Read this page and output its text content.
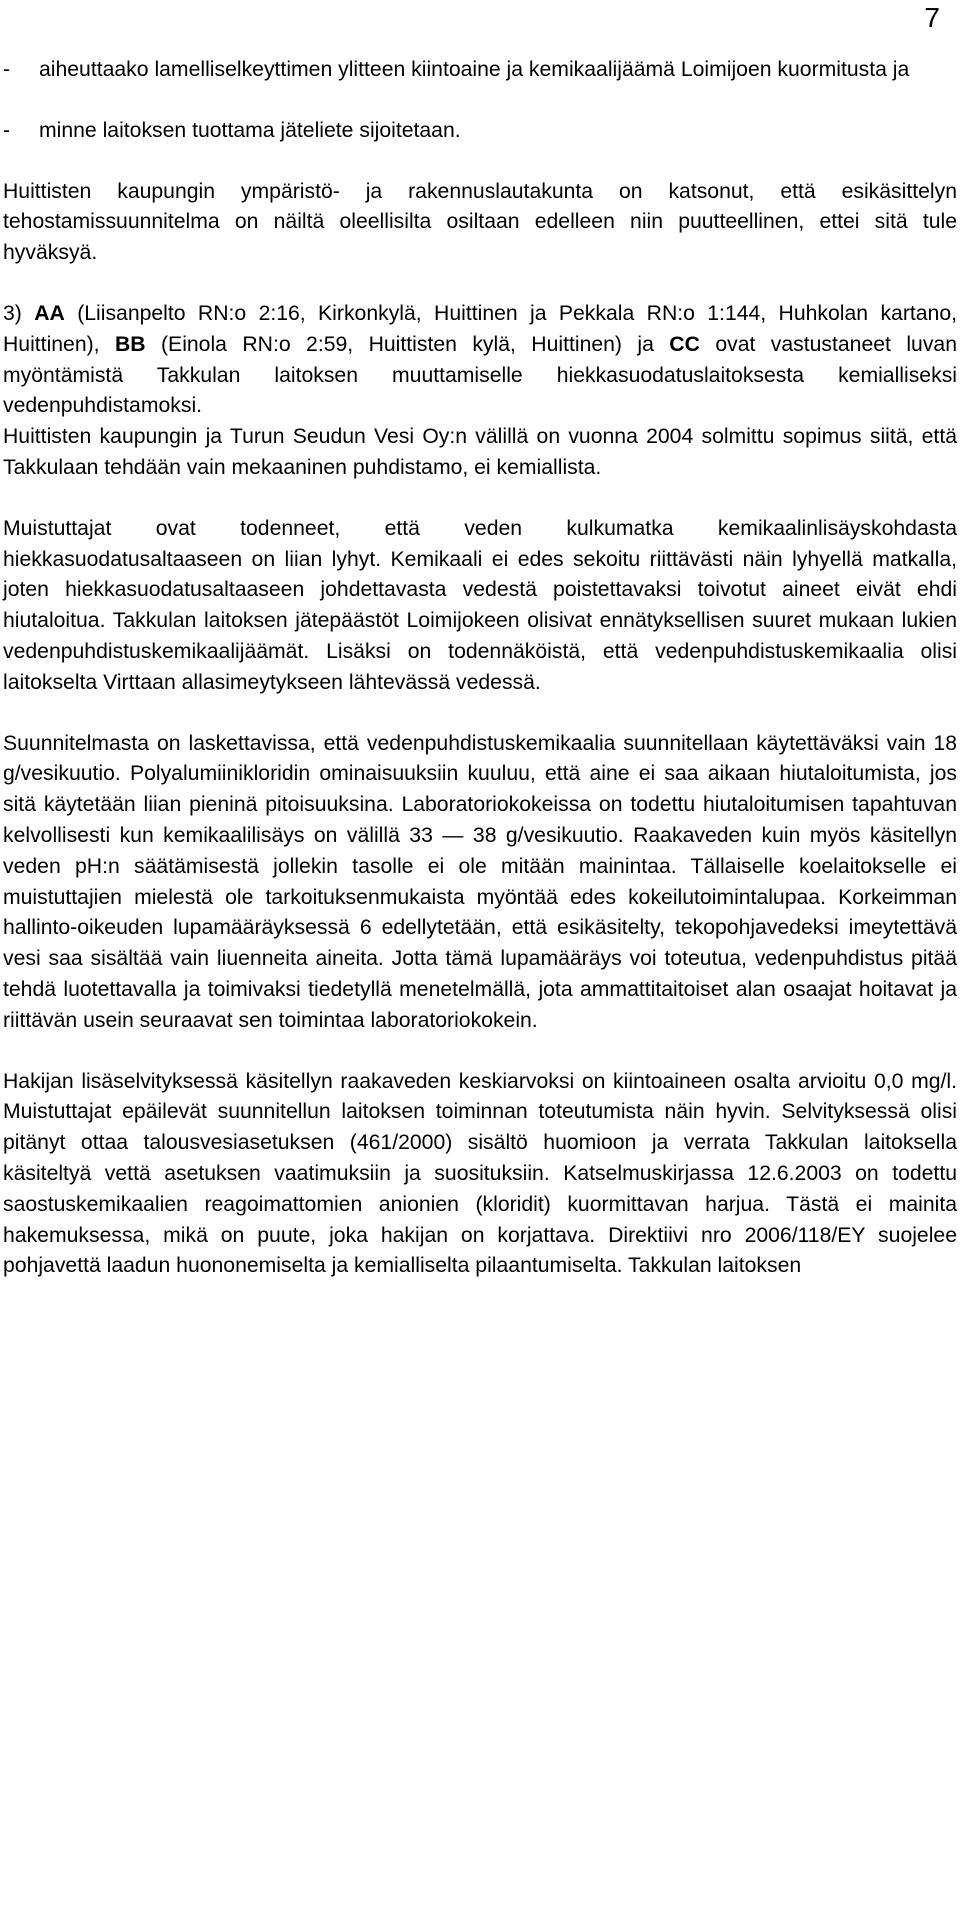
7
-	aiheuttaako lamelliselkeyttimen ylitteen kiintoaine ja kemikaalijäämä Loimijoen kuormitusta ja
-	minne laitoksen tuottama jäteliete sijoitetaan.

Huittisten kaupungin ympäristö- ja rakennuslautakunta on katsonut, että esikäsittelyn tehostamissuunnitelma on näiltä oleellisilta osiltaan edelleen niin puutteellinen, ettei sitä tule hyväksyä.

3) AA (Liisanpelto RN:o 2:16, Kirkonkylä, Huittinen ja Pekkala RN:o 1:144, Huhkolan kartano, Huittinen), BB (Einola RN:o 2:59, Huittisten kylä, Huittinen) ja CC ovat vastustaneet luvan myöntämistä Takkulan laitoksen muuttamiselle hiekkasuodatuslaitoksesta kemialliseksi vedenpuhdistamoksi.

Huittisten kaupungin ja Turun Seudun Vesi Oy:n välillä on vuonna 2004 solmittu sopimus siitä, että Takkulaan tehdään vain mekaaninen puhdistamo, ei kemiallista.

Muistuttajat ovat todenneet, että veden kulkumatka kemikaalinlisäyskohdasta hiekkasuodatusaltaaseen on liian lyhyt. Kemikaali ei edes sekoitu riittävästi näin lyhyellä matkalla, joten hiekkasuodatusaltaaseen johdettavasta vedestä poistettavaksi toivotut aineet eivät ehdi hiutaloitua. Takkulan laitoksen jätepäästöt Loimijokeen olisivat ennätyksellisen suuret mukaan lukien vedenpuhdistuskemikaalijäämät. Lisäksi on todennäköistä, että vedenpuhdistuskemikaalia olisi laitokselta Virttaan allasimeytykseen lähtevässä vedessä.

Suunnitelmasta on laskettavissa, että vedenpuhdistuskemikaalia suunnitellaan käytettäväksi vain 18 g/vesikuutio. Polyalumiinikloridin ominaisuuksiin kuuluu, että aine ei saa aikaan hiutaloitumista, jos sitä käytetään liian pieninä pitoisuuksina. Laboratoriokokeissa on todettu hiutaloitumisen tapahtuvan kelvollisesti kun kemikaalilisäys on välillä 33 — 38 g/vesikuutio. Raakaveden kuin myös käsitellyn veden pH:n säätämisestä jollekin tasolle ei ole mitään mainintaa. Tällaiselle koelaitokselle ei muistuttajien mielestä ole tarkoituksenmukaista myöntää edes kokeilutoimintalupaa. Korkeimman hallinto-oikeuden lupamääräyksessä 6 edellytetään, että esikäsitelty, tekopohjavedeksi imeytettävä vesi saa sisältää vain liuenneita aineita. Jotta tämä lupamääräys voi toteutua, vedenpuhdistus pitää tehdä luotettavalla ja toimivaksi tiedetyllä menetelmällä, jota ammattitaitoiset alan osaajat hoitavat ja riittävän usein seuraavat sen toimintaa laboratoriokokein.

Hakijan lisäselvityksessä käsitellyn raakaveden keskiarvoksi on kiintoaineen osalta arvioitu 0,0 mg/l. Muistuttajat epäilevät suunnitellun laitoksen toiminnan toteutumista näin hyvin. Selvityksessä olisi pitänyt ottaa talousvesiasetuksen (461/2000) sisältö huomioon ja verrata Takkulan laitoksella käsiteltyä vettä asetuksen vaatimuksiin ja suosituksiin. Katselmuskirjassa 12.6.2003 on todettu saostuskemikaalien reagoimattomien anionien (kloridit) kuormittavan harjua. Tästä ei mainita hakemuksessa, mikä on puute, joka hakijan on korjattava. Direktiivi nro 2006/118/EY suojelee pohjavettä laadun huononemiselta ja kemialliselta pilaantumiselta. Takkulan laitoksen
